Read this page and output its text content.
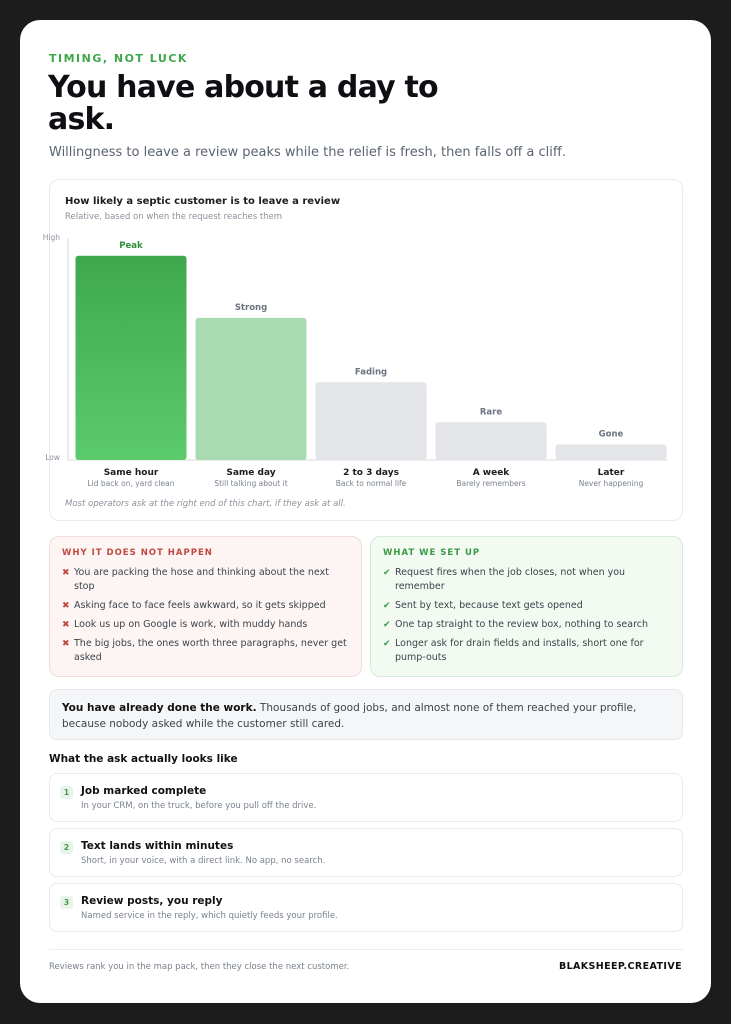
TIMING, NOT LUCK
You have about a day to ask.
Willingness to leave a review peaks while the relief is fresh, then falls off a cliff.
How likely a septic customer is to leave a review
Relative, based on when the request reaches them
High
Low
Peak
Same hour
Lid back on, yard clean
Strong
Same day
Still talking about it
Fading
2 to 3 days
Back to normal life
Rare
A week
Barely remembers
Gone
Later
Never happening
Most operators ask at the right end of this chart, if they ask at all.
WHY IT DOES NOT HAPPEN
✖ You are packing the hose and thinking about the next stop
✖ Asking face to face feels awkward, so it gets skipped
✖ Look us up on Google is work, with muddy hands
✖ The big jobs, the ones worth three paragraphs, never get asked
WHAT WE SET UP
✔ Request fires when the job closes, not when you remember
✔ Sent by text, because text gets opened
✔ One tap straight to the review box, nothing to search
✔ Longer ask for drain fields and installs, short one for pump-outs
You have already done the work. Thousands of good jobs, and almost none of them reached your profile, because nobody asked while the customer still cared.
What the ask actually looks like
1	Job marked complete
In your CRM, on the truck, before you pull off the drive.
2	Text lands within minutes
Short, in your voice, with a direct link. No app, no search.
3	Review posts, you reply
Named service in the reply, which quietly feeds your profile.
Reviews rank you in the map pack, then they close the next customer.	BLAKSHEEP.CREATIVE
